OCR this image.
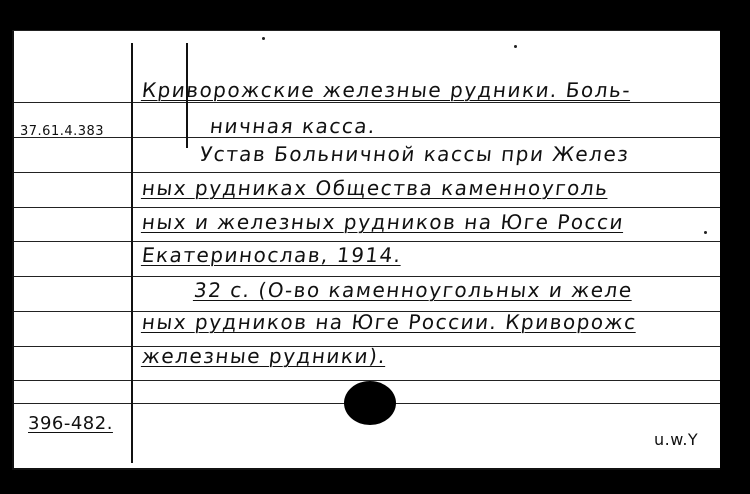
37.61.4.383
Криворожские железные рудники. Боль-
ничная касса.
Устав Больничной кассы при Желез
ных рудниках Общества каменноуголь
ных и железных рудников на Юге Росси
Екатеринослав, 1914.
32 с. (О-во каменноугольных и желе
ных рудников на Юге России. Криворожс
железные рудники).
396-482.
u.w.Y
